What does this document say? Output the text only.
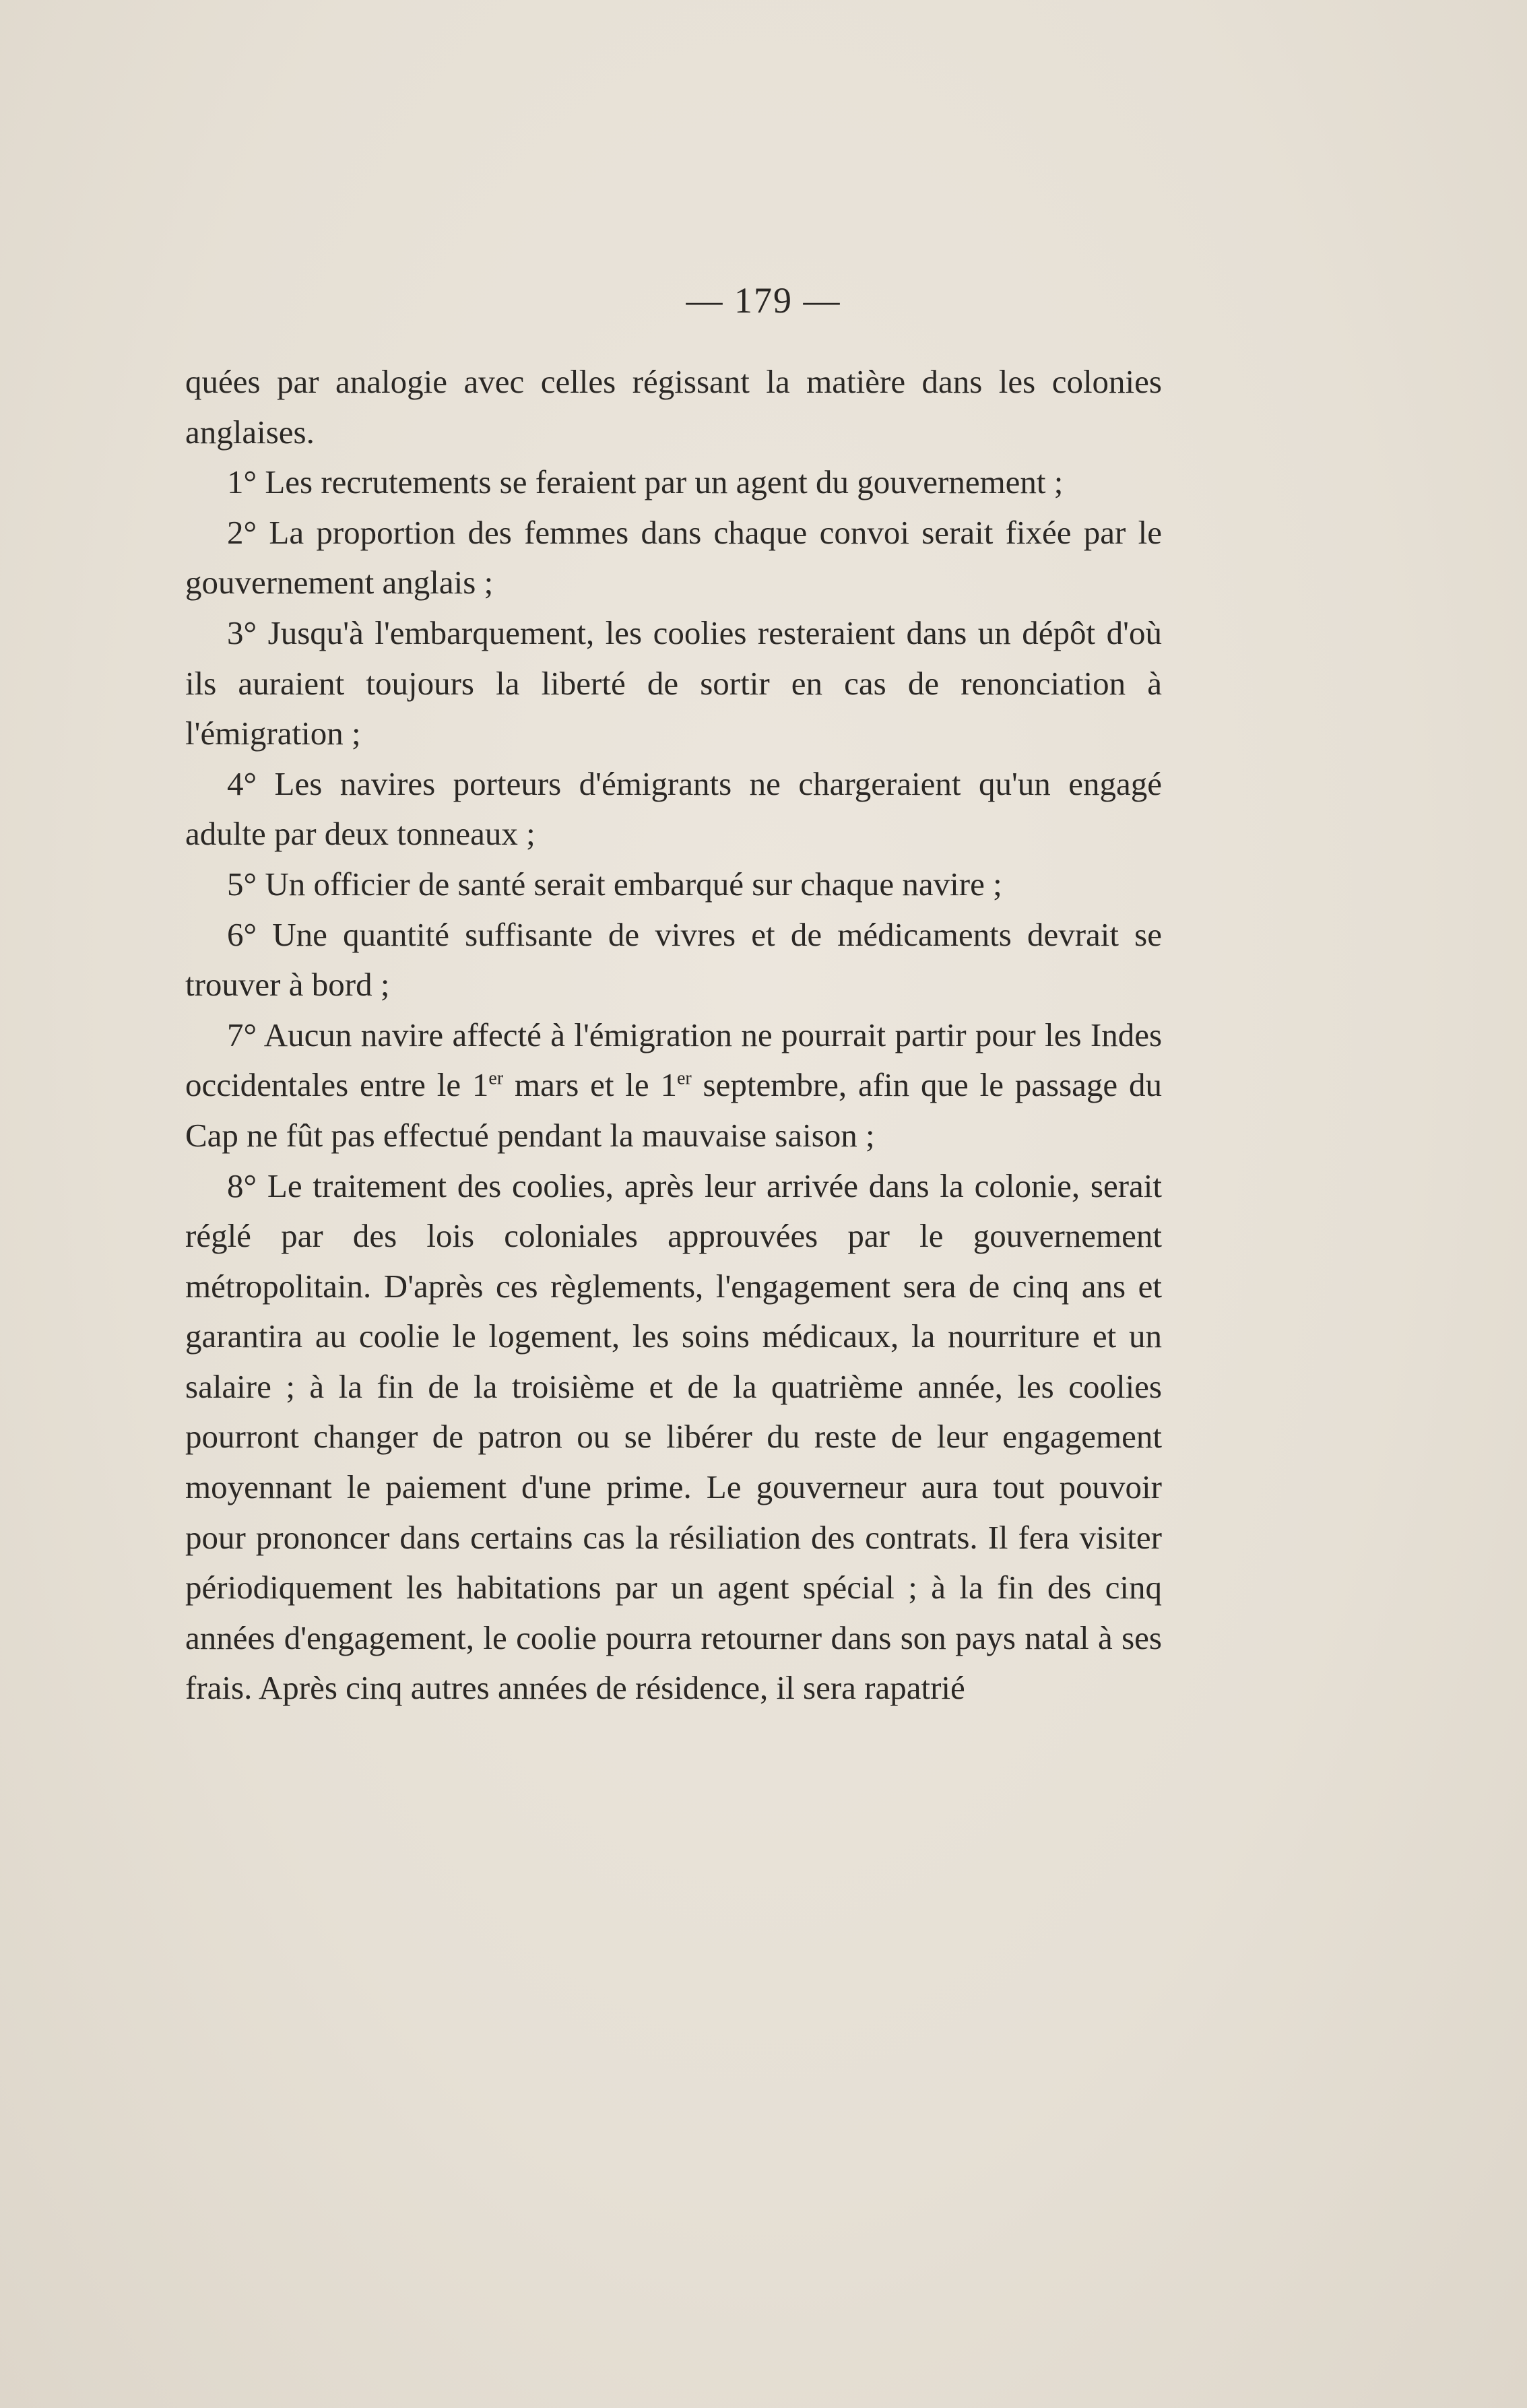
— 179 —

quées par analogie avec celles régissant la matière dans les colonies anglaises.

1° Les recrutements se feraient par un agent du gouvernement ;

2° La proportion des femmes dans chaque convoi serait fixée par le gouvernement anglais ;

3° Jusqu'à l'embarquement, les coolies resteraient dans un dépôt d'où ils auraient toujours la liberté de sortir en cas de renonciation à l'émigration ;

4° Les navires porteurs d'émigrants ne chargeraient qu'un engagé adulte par deux tonneaux ;

5° Un officier de santé serait embarqué sur chaque navire ;

6° Une quantité suffisante de vivres et de médicaments devrait se trouver à bord ;

7° Aucun navire affecté à l'émigration ne pourrait partir pour les Indes occidentales entre le 1er mars et le 1er septembre, afin que le passage du Cap ne fût pas effectué pendant la mauvaise saison ;

8° Le traitement des coolies, après leur arrivée dans la colonie, serait réglé par des lois coloniales approuvées par le gouvernement métropolitain. D'après ces règlements, l'engagement sera de cinq ans et garantira au coolie le logement, les soins médicaux, la nourriture et un salaire ; à la fin de la troisième et de la quatrième année, les coolies pourront changer de patron ou se libérer du reste de leur engagement moyennant le paiement d'une prime. Le gouverneur aura tout pouvoir pour prononcer dans certains cas la résiliation des contrats. Il fera visiter périodiquement les habitations par un agent spécial ; à la fin des cinq années d'engagement, le coolie pourra retourner dans son pays natal à ses frais. Après cinq autres années de résidence, il sera rapatrié
